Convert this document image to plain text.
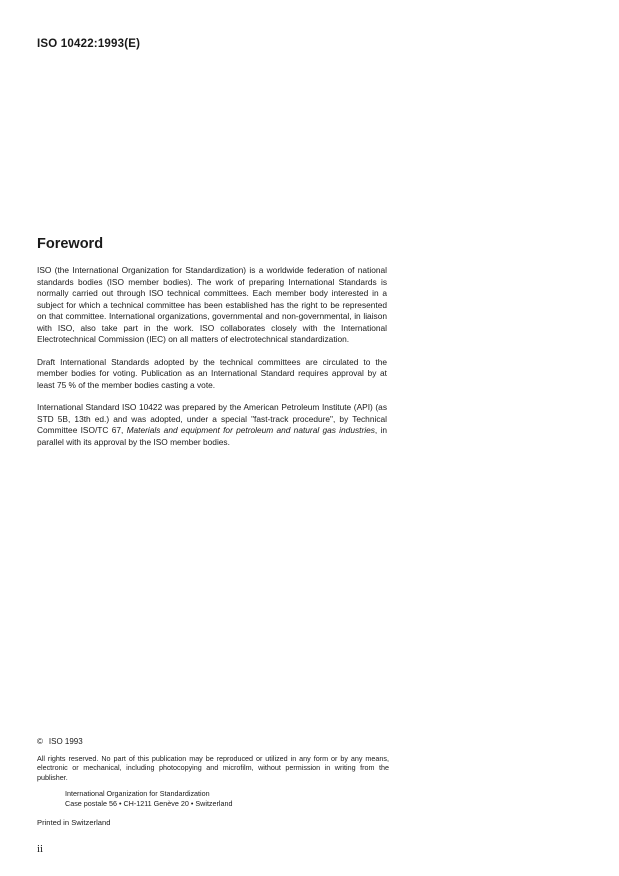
ISO 10422:1993(E)
Foreword

ISO (the International Organization for Standardization) is a worldwide federation of national standards bodies (ISO member bodies). The work of preparing International Standards is normally carried out through ISO technical committees. Each member body interested in a subject for which a technical committee has been established has the right to be represented on that committee. International organizations, governmental and non-governmental, in liaison with ISO, also take part in the work. ISO collaborates closely with the International Electrotechnical Commission (IEC) on all matters of electrotechnical standardization.

Draft International Standards adopted by the technical committees are circulated to the member bodies for voting. Publication as an International Standard requires approval by at least 75 % of the member bodies casting a vote.

International Standard ISO 10422 was prepared by the American Petroleum Institute (API) (as STD 5B, 13th ed.) and was adopted, under a special "fast-track procedure", by Technical Committee ISO/TC 67, Materials and equipment for petroleum and natural gas industries, in parallel with its approval by the ISO member bodies.

© ISO 1993
All rights reserved. No part of this publication may be reproduced or utilized in any form or by any means, electronic or mechanical, including photocopying and microfilm, without permission in writing from the publisher.
International Organization for Standardization
Case postale 56 • CH-1211 Genève 20 • Switzerland
Printed in Switzerland
ii
